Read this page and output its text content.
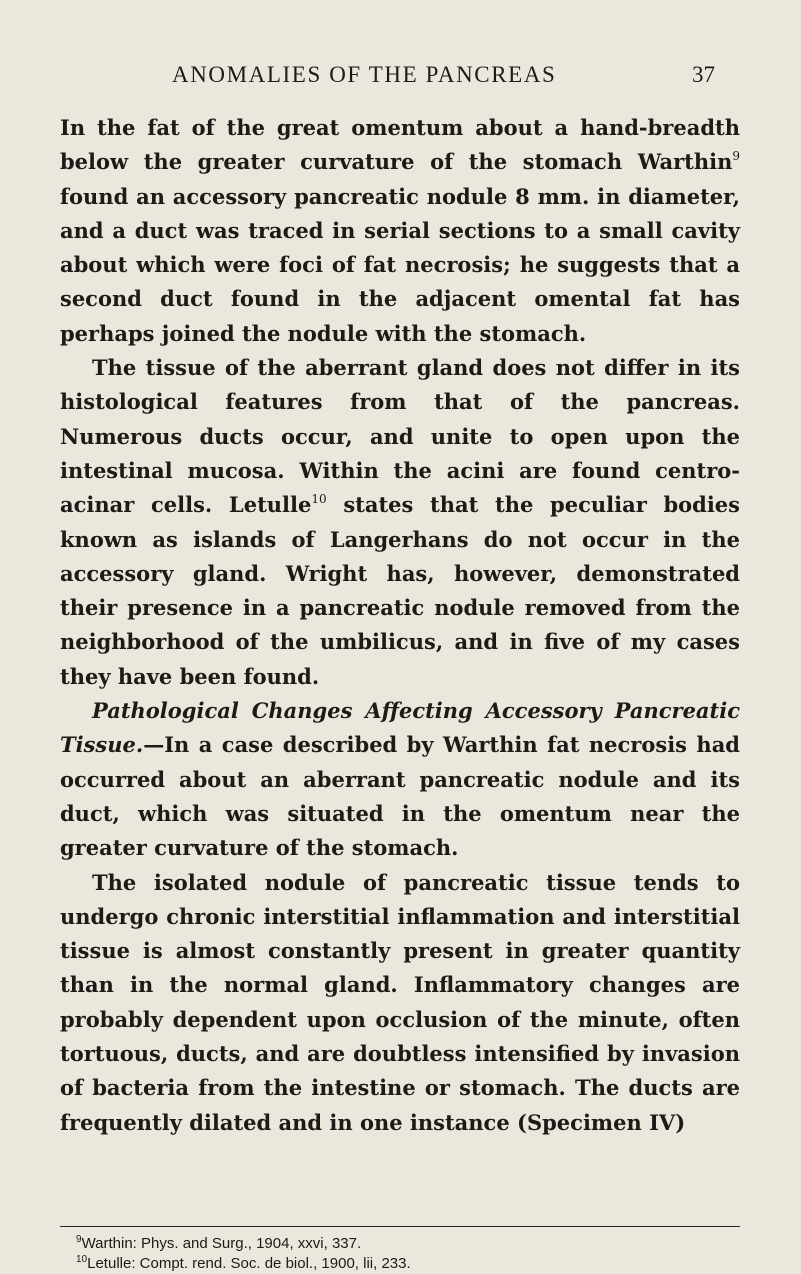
ANOMALIES OF THE PANCREAS	37

In the fat of the great omentum about a hand-breadth below the greater curvature of the stomach Warthin$^9$ found an accessory pancreatic nodule 8 mm. in diameter, and a duct was traced in serial sections to a small cavity about which were foci of fat necrosis; he suggests that a second duct found in the adjacent omental fat has perhaps joined the nodule with the stomach.

The tissue of the aberrant gland does not differ in its histological features from that of the pancreas. Numerous ducts occur, and unite to open upon the intestinal mucosa. Within the acini are found centro-acinar cells. Letulle$^{10}$ states that the peculiar bodies known as islands of Langerhans do not occur in the accessory gland. Wright has, however, demonstrated their presence in a pancreatic nodule removed from the neighborhood of the umbilicus, and in five of my cases they have been found.

Pathological Changes Affecting Accessory Pancreatic Tissue.—In a case described by Warthin fat necrosis had occurred about an aberrant pancreatic nodule and its duct, which was situated in the omentum near the greater curvature of the stomach.

The isolated nodule of pancreatic tissue tends to undergo chronic interstitial inflammation and interstitial tissue is almost constantly present in greater quantity than in the normal gland. Inflammatory changes are probably dependent upon occlusion of the minute, often tortuous, ducts, and are doubtless intensified by invasion of bacteria from the intestine or stomach. The ducts are frequently dilated and in one instance (Specimen IV)

$^9$Warthin: Phys. and Surg., 1904, xxvi, 337.
$^{10}$Letulle: Compt. rend. Soc. de biol., 1900, lii, 233.
